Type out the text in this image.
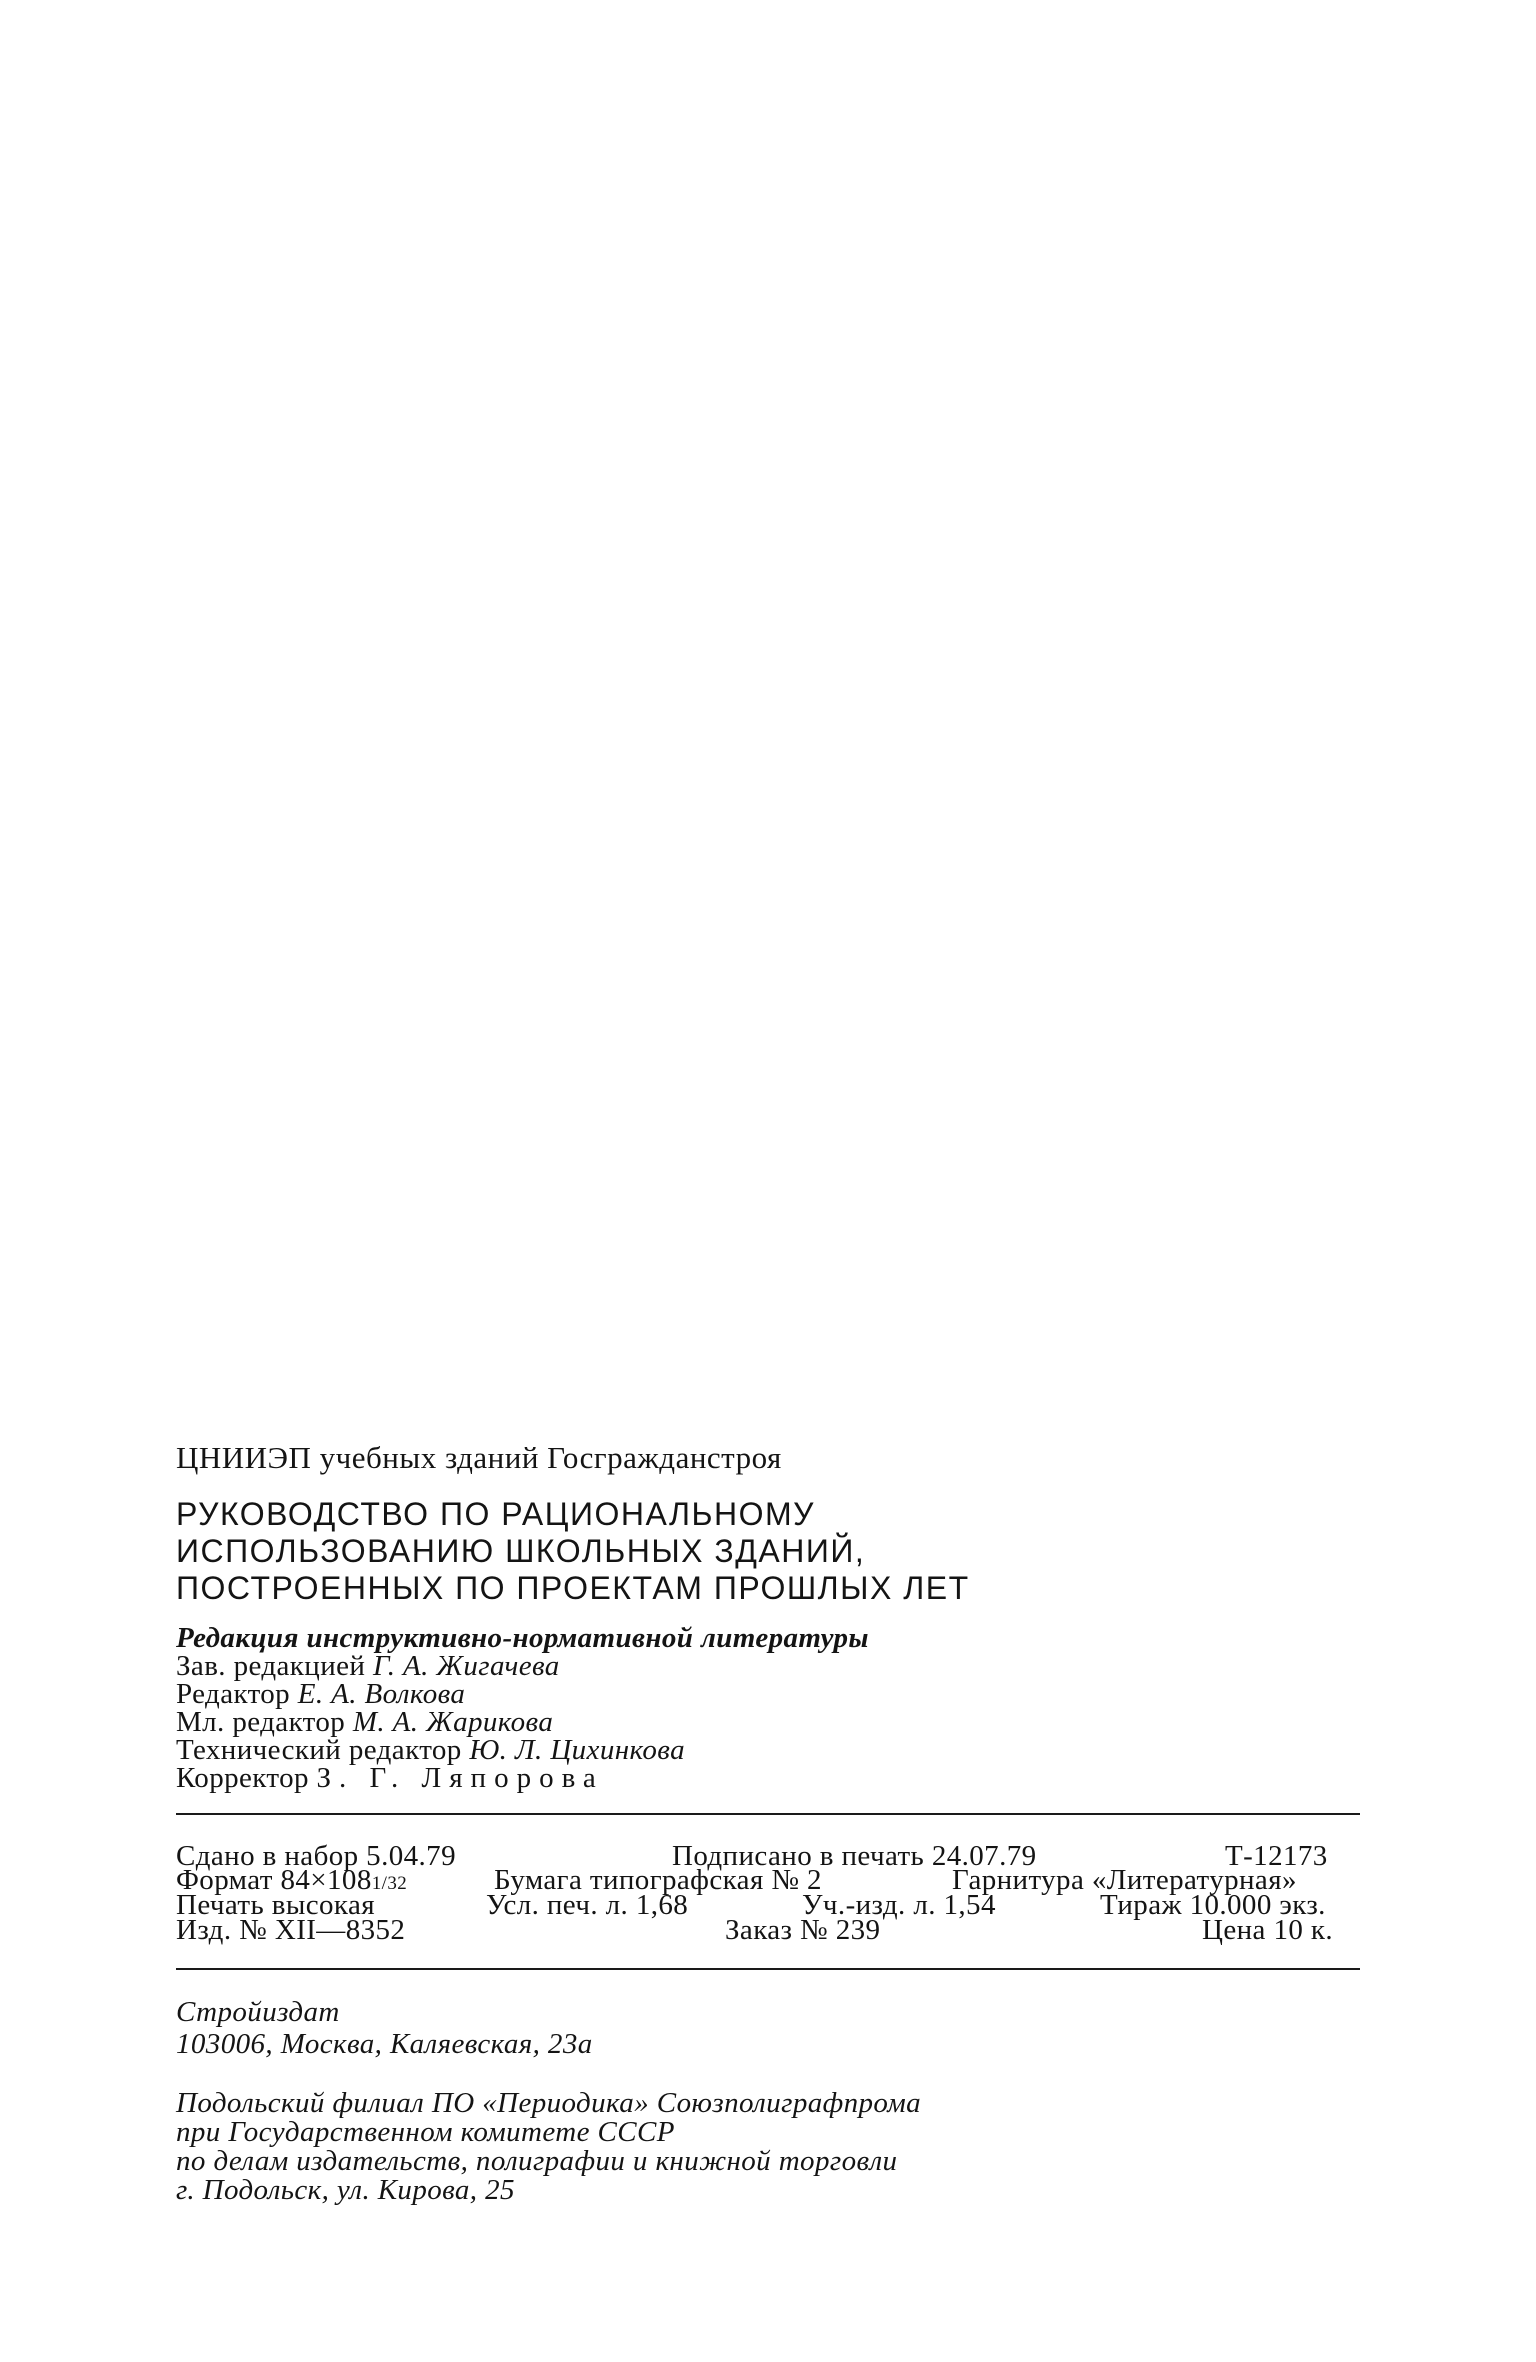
ЦНИИЭП учебных зданий Госгражданстроя
РУКОВОДСТВО ПО РАЦИОНАЛЬНОМУ
ИСПОЛЬЗОВАНИЮ ШКОЛЬНЫХ ЗДАНИЙ,
ПОСТРОЕННЫХ ПО ПРОЕКТАМ ПРОШЛЫХ ЛЕТ
Редакция инструктивно-нормативной литературы
Зав. редакцией Г. А. Жигачева
Редактор Е. А. Волкова
Мл. редактор М. А. Жарикова
Технический редактор Ю. Л. Цихинкова
Корректор З. Г. Ляпорова
Сдано в набор 5.04.79	Подписано в печать 24.07.79	Т-12173
Формат 84×1081/32	Бумага типографская № 2	Гарнитура «Литературная»
Печать высокая	Усл. печ. л. 1,68	Уч.-изд. л. 1,54	Тираж 10.000 экз.
Изд. № XII—8352	Заказ № 239	Цена 10 к.
Стройиздат
103006, Москва, Каляевская, 23а
Подольский филиал ПО «Периодика» Союзполиграфпрома
при Государственном комитете СССР
по делам издательств, полиграфии и книжной торговли
г. Подольск, ул. Кирова, 25
